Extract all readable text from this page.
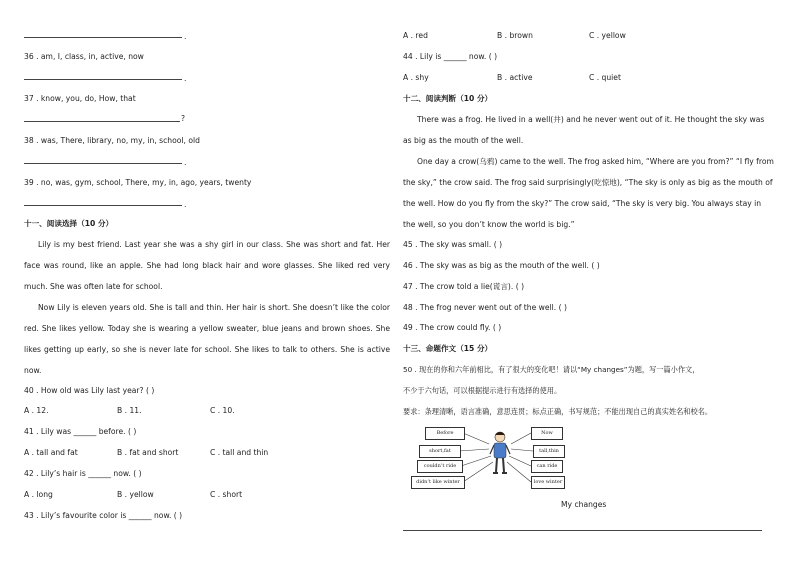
.
36 . am, I, class, in, active, now
.
37 . know, you, do, How, that
?
38 . was, There, library, no, my, in, school, old
.
39 . no, was, gym, school, There, my, in, ago, years, twenty
.
十一、阅读选择（10 分）
Lily is my best friend. Last year she was a shy girl in our class. She was short and fat. Her face was round, like an apple. She had long black hair and wore glasses. She liked red very much. She was often late for school.
Now Lily is eleven years old. She is tall and thin. Her hair is short. She doesn’t like the color red. She likes yellow. Today she is wearing a yellow sweater, blue jeans and brown shoes. She likes getting up early, so she is never late for school. She likes to talk to others. She is active now.
40 . How old was Lily last year? ( )
A . 12.	B . 11.	C . 10.
41 . Lily was ______ before. ( )
A . tall and fat	B . fat and short	C . tall and thin
42 . Lily’s hair is ______ now. ( )
A . long	B . yellow	C . short
43 . Lily’s favourite color is ______ now. ( )
A . red	B . brown	C . yellow
44 . Lily is ______ now. ( )
A . shy	B . active	C . quiet
十二、阅读判断（10 分）
There was a frog. He lived in a well(井) and he never went out of it. He thought the sky was as big as the mouth of the well.
One day a crow(乌鸦) came to the well. The frog asked him, “Where are you from?” “I fly from the sky,” the crow said. The frog said surprisingly(吃惊地), “The sky is only as big as the mouth of the well. How do you fly from the sky?” The crow said, “The sky is very big. You always stay in the well, so you don’t know the world is big.”
45 . The sky was small. ( )
46 . The sky was as big as the mouth of the well. ( )
47 . The crow told a lie(谎言). ( )
48 . The frog never went out of the well. ( )
49 . The crow could fly. ( )
十三、命题作文（15 分）
50 . 现在的你和六年前相比，有了很大的变化吧！请以“My changes”为题，写一篇小作文，
不少于六句话，可以根据提示进行有选择的使用。
要求：条理清晰，语言准确，意思连贯；标点正确，书写规范；不能出现自己的真实姓名和校名。
Before
short,fat
couldn’t ride
didn’t like winter
Now
tall,thin
can ride
love winter
My changes
